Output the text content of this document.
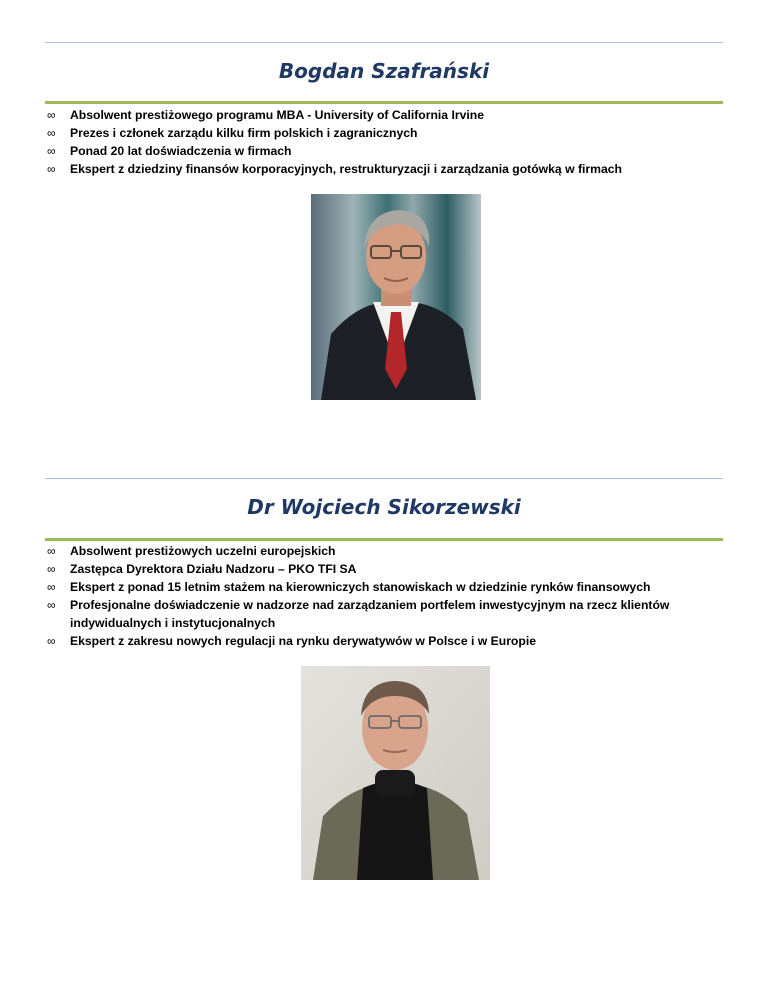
Bogdan Szafrański
∞ Absolwent prestiżowego programu MBA - University of California Irvine
∞ Prezes i członek zarządu kilku firm polskich i zagranicznych
∞ Ponad 20 lat doświadczenia w firmach
∞ Ekspert z dziedziny finansów korporacyjnych, restrukturyzacji i zarządzania gotówką w firmach
Dr Wojciech Sikorzewski
∞ Absolwent prestiżowych uczelni europejskich
∞ Zastępca Dyrektora Działu Nadzoru – PKO TFI SA
∞ Ekspert z ponad 15 letnim stażem na kierowniczych stanowiskach w dziedzinie rynków finansowych
∞ Profesjonalne doświadczenie w nadzorze nad zarządzaniem portfelem inwestycyjnym na rzecz klientów indywidualnych i instytucjonalnych
∞ Ekspert z zakresu nowych regulacji na rynku derywatywów w Polsce i w Europie
